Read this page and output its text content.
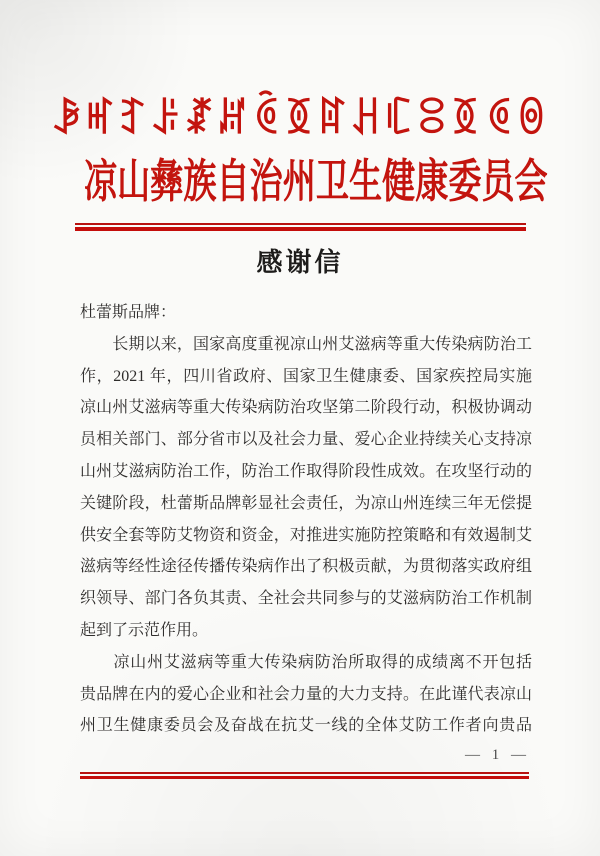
ꆃꎭꆈꌠꊨꏦꏱꅉꍏꃅꏸꈯꅉꏲꉻ
凉山彝族自治州卫生健康委员会
感谢信
杜蕾斯品牌：
　　长期以来，国家高度重视凉山州艾滋病等重大传染病防治工
作，2021 年，四川省政府、国家卫生健康委、国家疾控局实施
凉山州艾滋病等重大传染病防治攻坚第二阶段行动，积极协调动
员相关部门、部分省市以及社会力量、爱心企业持续关心支持凉
山州艾滋病防治工作，防治工作取得阶段性成效。在攻坚行动的
关键阶段，杜蕾斯品牌彰显社会责任，为凉山州连续三年无偿提
供安全套等防艾物资和资金，对推进实施防控策略和有效遏制艾
滋病等经性途径传播传染病作出了积极贡献，为贯彻落实政府组
织领导、部门各负其责、全社会共同参与的艾滋病防治工作机制
起到了示范作用。
　　凉山州艾滋病等重大传染病防治所取得的成绩离不开包括
贵品牌在内的爱心企业和社会力量的大力支持。在此谨代表凉山
州卫生健康委员会及奋战在抗艾一线的全体艾防工作者向贵品
— 1 —
